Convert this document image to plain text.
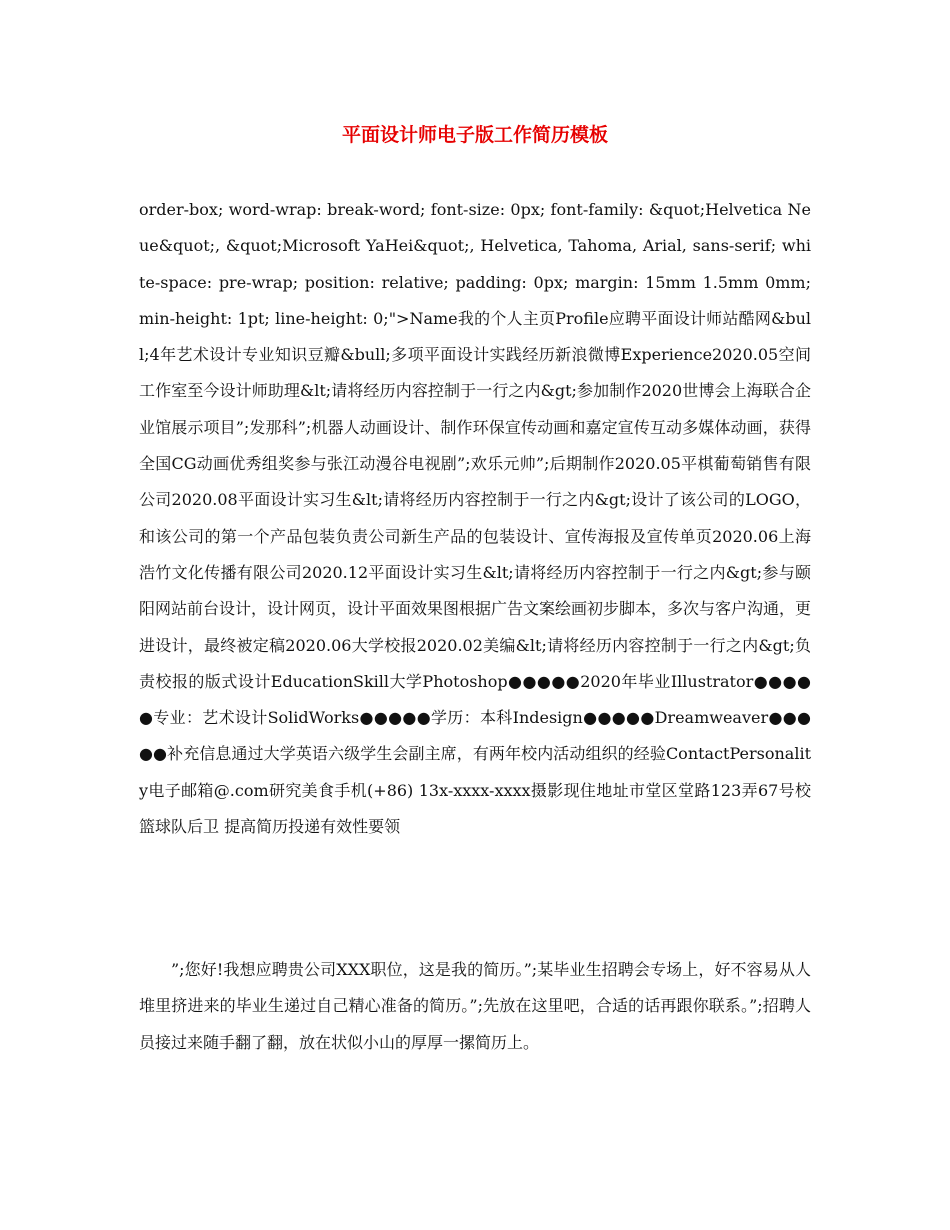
平面设计师电子版工作简历模板

order-box; word-wrap: break-word; font-size: 0px; font-family: &quot;Helvetica Neue&quot;, &quot;Microsoft YaHei&quot;, Helvetica, Tahoma, Arial, sans-serif; white-space: pre-wrap; position: relative; padding: 0px; margin: 15mm 1.5mm 0mm; min-height: 1pt; line-height: 0;">Name我的个人主页Profile应聘平面设计师站酷网&bull;4年艺术设计专业知识豆瓣&bull;多项平面设计实践经历新浪微博Experience2020.05空间工作室至今设计师助理&lt;请将经历内容控制于一行之内&gt;参加制作2020世博会上海联合企业馆展示项目”;发那科”;机器人动画设计、制作环保宣传动画和嘉定宣传互动多媒体动画，获得全国CG动画优秀组奖参与张江动漫谷电视剧”;欢乐元帅”;后期制作2020.05平棋葡萄销售有限公司2020.08平面设计实习生&lt;请将经历内容控制于一行之内&gt;设计了该公司的LOGO，和该公司的第一个产品包装负责公司新生产品的包装设计、宣传海报及宣传单页2020.06上海浩竹文化传播有限公司2020.12平面设计实习生&lt;请将经历内容控制于一行之内&gt;参与颐阳网站前台设计，设计网页，设计平面效果图根据广告文案绘画初步脚本，多次与客户沟通，更进设计，最终被定稿2020.06大学校报2020.02美编&lt;请将经历内容控制于一行之内&gt;负责校报的版式设计EducationSkill大学Photoshop●●●●●2020年毕业Illustrator●●●●●专业：艺术设计SolidWorks●●●●●学历：本科Indesign●●●●●Dreamweaver●●●●●补充信息通过大学英语六级学生会副主席，有两年校内活动组织的经验ContactPersonality电子邮箱@.com研究美食手机(+86) 13x-xxxx-xxxx摄影现住地址市堂区堂路123弄67号校篮球队后卫 提高简历投递有效性要领

”;您好!我想应聘贵公司XXX职位，这是我的简历。”;某毕业生招聘会专场上，好不容易从人堆里挤进来的毕业生递过自己精心准备的简历。”;先放在这里吧，合适的话再跟你联系。”;招聘人员接过来随手翻了翻，放在状似小山的厚厚一摞简历上。
